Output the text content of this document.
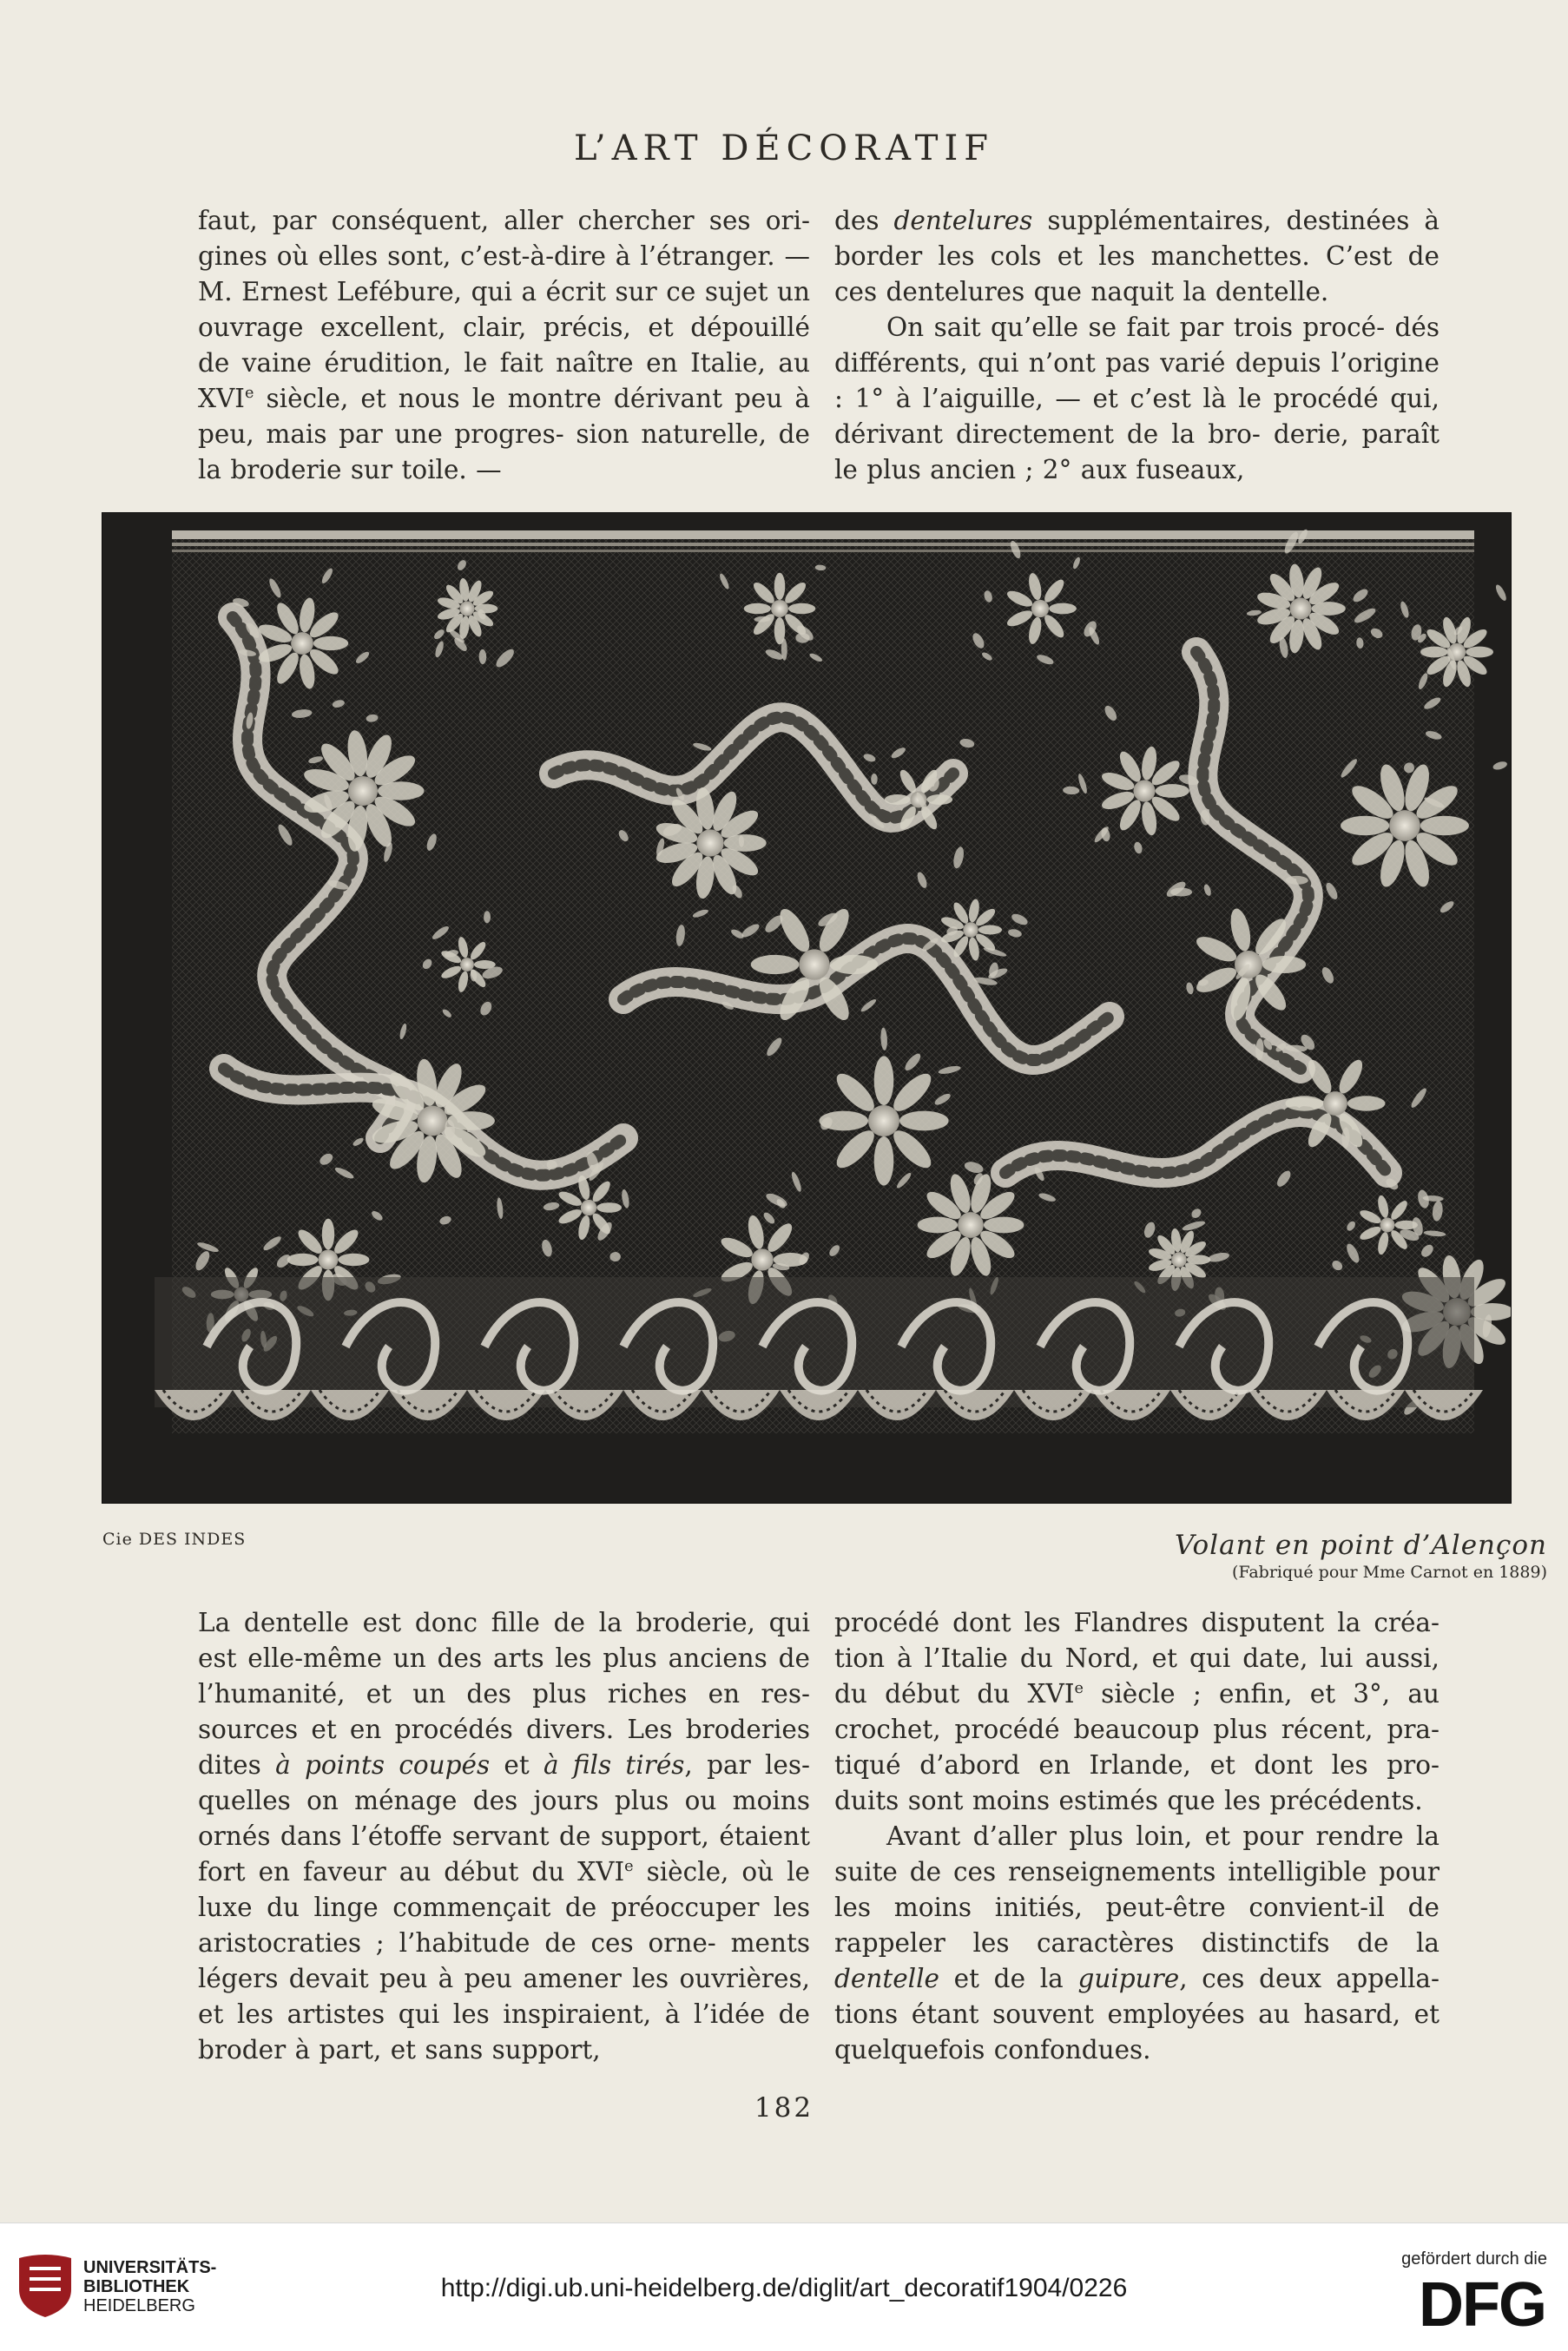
L’ART DÉCORATIF

faut, par conséquent, aller chercher ses ori- gines où elles sont, c’est-à-dire à l’étranger. — M. Ernest Lefébure, qui a écrit sur ce sujet un ouvrage excellent, clair, précis, et dépouillé de vaine érudition, le fait naître en Italie, au XVIe siècle, et nous le montre dérivant peu à peu, mais par une progres- sion naturelle, de la broderie sur toile. —

des dentelures supplémentaires, destinées à border les cols et les manchettes. C’est de ces dentelures que naquit la dentelle.

On sait qu’elle se fait par trois procé- dés différents, qui n’ont pas varié depuis l’origine : 1° à l’aiguille, — et c’est là le procédé qui, dérivant directement de la bro- derie, paraît le plus ancien ; 2° aux fuseaux,

Cie DES INDES	Volant en point d’Alençon
(Fabriqué pour Mme Carnot en 1889)

La dentelle est donc fille de la broderie, qui est elle-même un des arts les plus anciens de l’humanité, et un des plus riches en res- sources et en procédés divers. Les broderies dites à points coupés et à fils tirés, par les- quelles on ménage des jours plus ou moins ornés dans l’étoffe servant de support, étaient fort en faveur au début du XVIe siècle, où le luxe du linge commençait de préoccuper les aristocraties ; l’habitude de ces orne- ments légers devait peu à peu amener les ouvrières, et les artistes qui les inspiraient, à l’idée de broder à part, et sans support,

procédé dont les Flandres disputent la créa- tion à l’Italie du Nord, et qui date, lui aussi, du début du XVIe siècle ; enfin, et 3°, au crochet, procédé beaucoup plus récent, pra- tiqué d’abord en Irlande, et dont les pro- duits sont moins estimés que les précédents.

Avant d’aller plus loin, et pour rendre la suite de ces renseignements intelligible pour les moins initiés, peut-être convient-il de rappeler les caractères distinctifs de la dentelle et de la guipure, ces deux appella- tions étant souvent employées au hasard, et quelquefois confondues.

182
UNIVERSITÄTS-
BIBLIOTHEK
HEIDELBERG
http://digi.ub.uni-heidelberg.de/diglit/art_decoratif1904/0226
gefördert durch die
DFG
